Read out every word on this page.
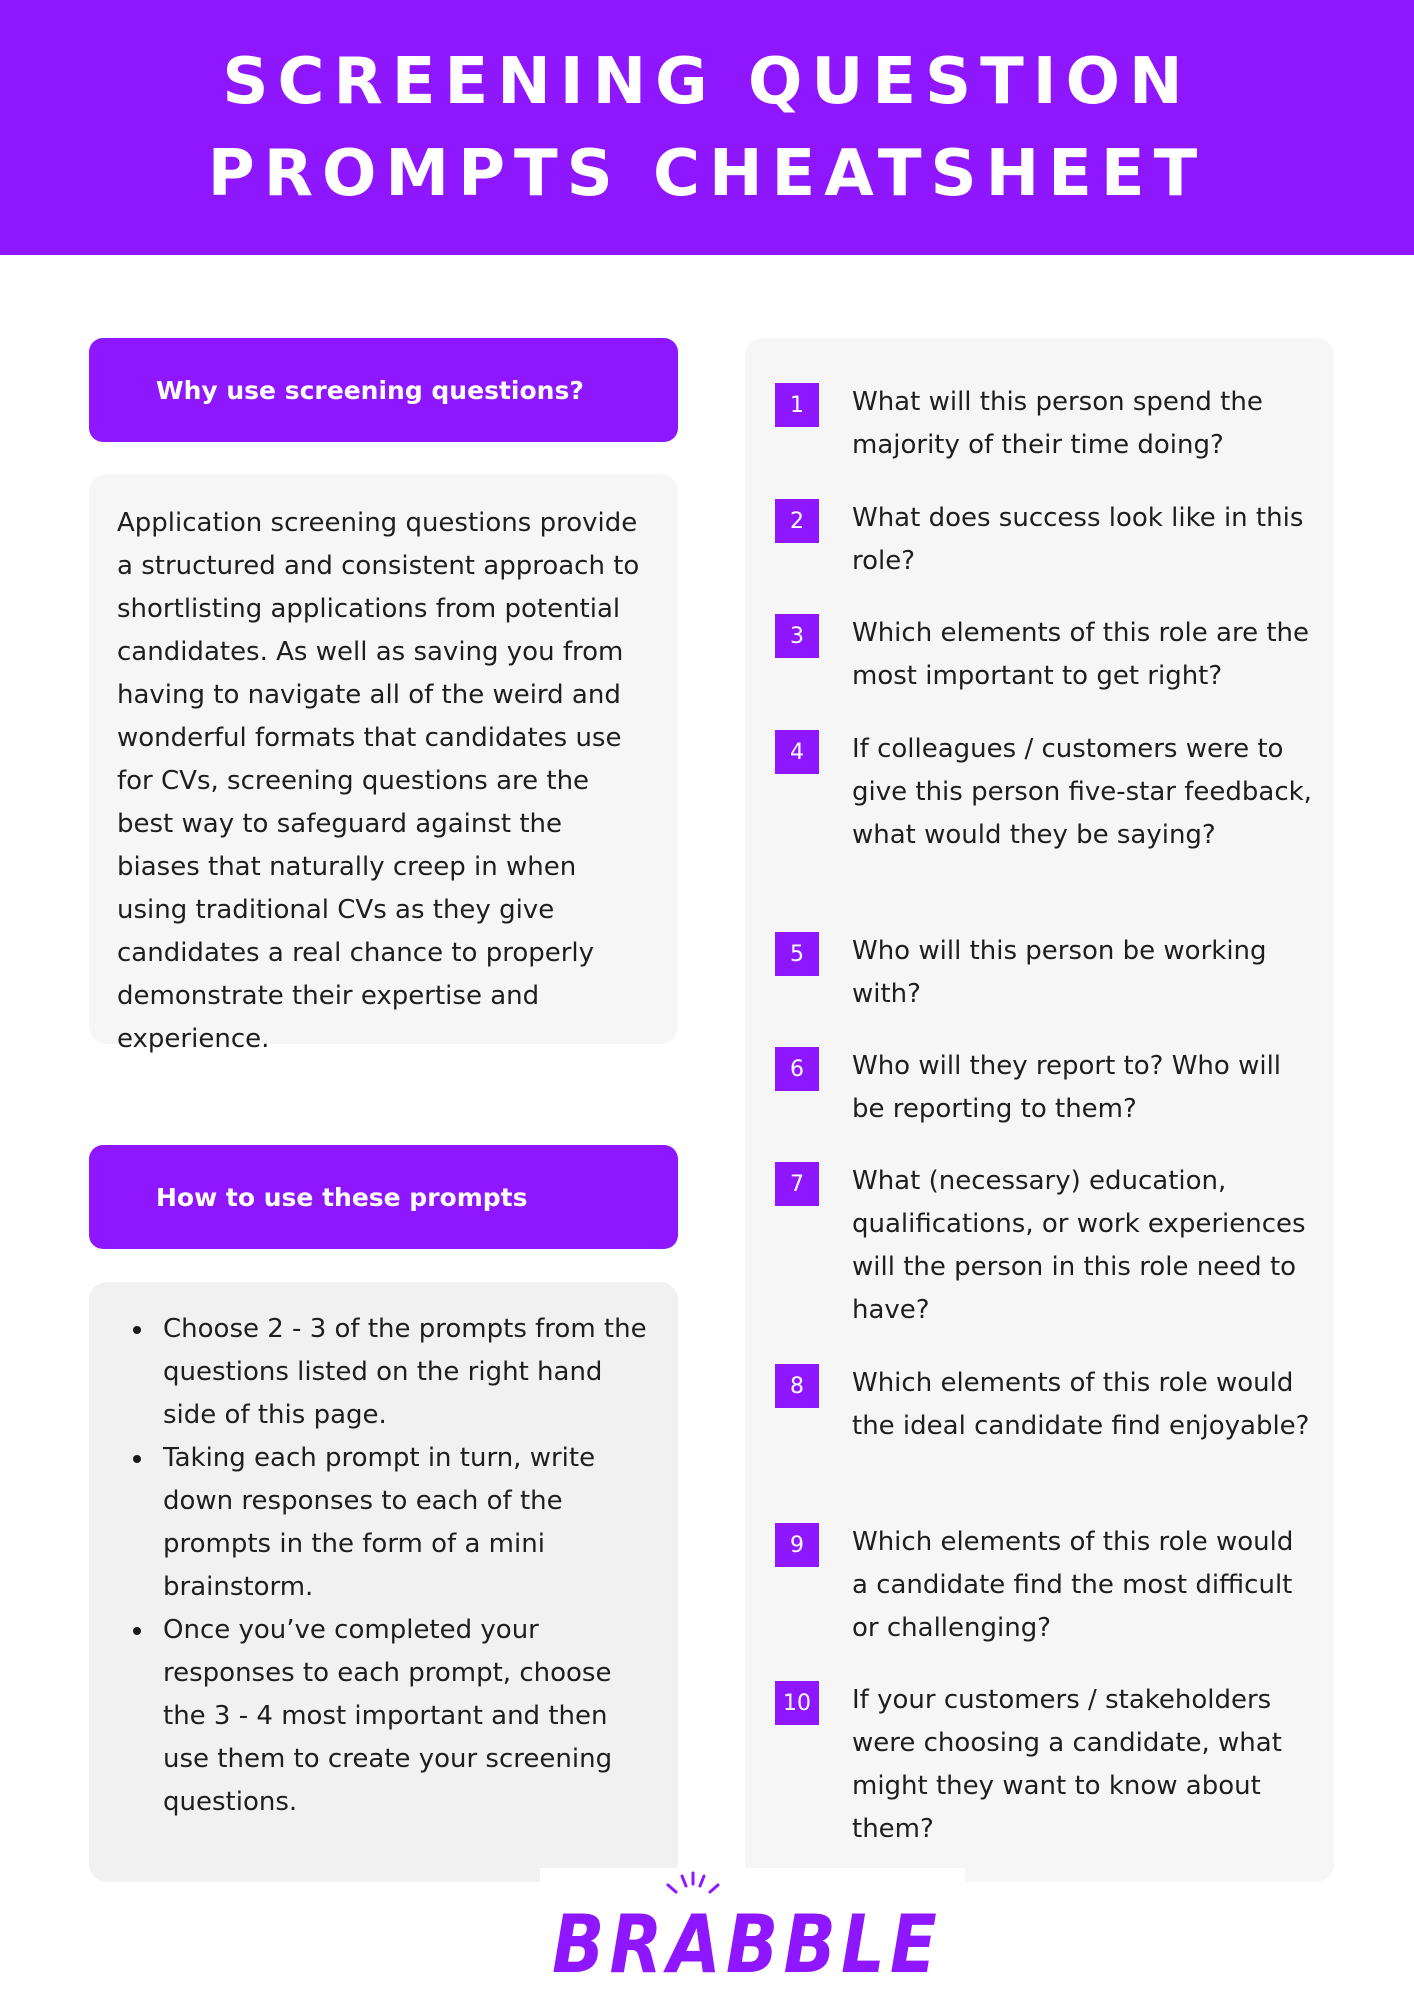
SCREENING QUESTION
PROMPTS CHEATSHEET
Why use screening questions?

Application screening questions provide a structured and consistent approach to shortlisting applications from potential candidates. As well as saving you from having to navigate all of the weird and wonderful formats that candidates use for CVs, screening questions are the best way to safeguard against the biases that naturally creep in when using traditional CVs as they give candidates a real chance to properly demonstrate their expertise and experience.

How to use these prompts
Choose 2 - 3 of the prompts from the questions listed on the right hand side of this page.
Taking each prompt in turn, write down responses to each of the prompts in the form of a mini brainstorm.
Once you’ve completed your responses to each prompt, choose the 3 - 4 most important and then use them to create your screening questions.
1	What will this person spend the majority of their time doing?
2	What does success look like in this role?
3	Which elements of this role are the most important to get right?
4	If colleagues / customers were to give this person five-star feedback, what would they be saying?
5	Who will this person be working with?
6	Who will they report to? Who will be reporting to them?
7	What (necessary) education, qualifications, or work experiences will the person in this role need to have?
8	Which elements of this role would the ideal candidate find enjoyable?
9	Which elements of this role would a candidate find the most difficult or challenging?
10	If your customers / stakeholders were choosing a candidate, what might they want to know about them?
BRABBLE
